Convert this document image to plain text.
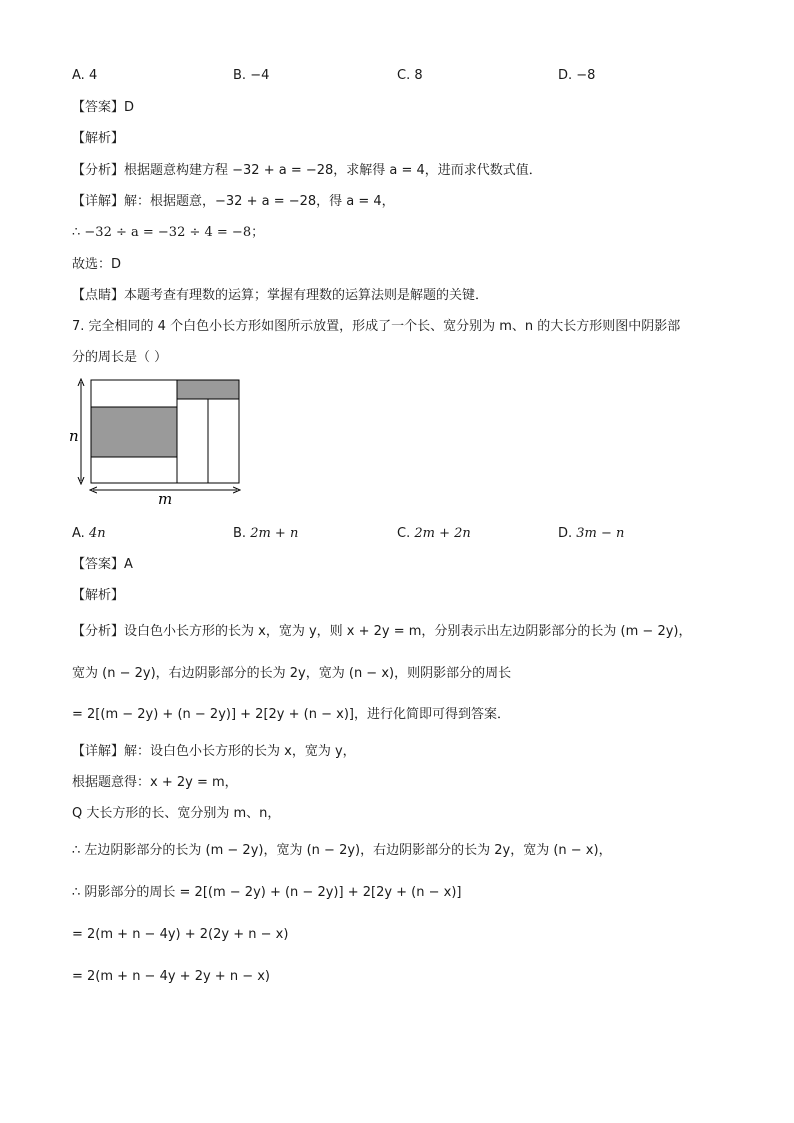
A. 4	B. −4	C. 8	D. −8
【答案】D
【解析】
【分析】根据题意构建方程 −32 + a = −28，求解得 a = 4，进而求代数式值．
【详解】解：根据题意，−32 + a = −28，得 a = 4，
∴ −32 ÷ a = −32 ÷ 4 = −8；
故选：D
【点睛】本题考查有理数的运算；掌握有理数的运算法则是解题的关键．
7. 完全相同的 4 个白色小长方形如图所示放置，形成了一个长、宽分别为 m、n 的大长方形则图中阴影部
分的周长是（ ）
n
m
A. 4n	B. 2m + n	C. 2m + 2n	D. 3m − n
【答案】A
【解析】
【分析】设白色小长方形的长为 x，宽为 y，则 x + 2y = m，分别表示出左边阴影部分的长为 (m − 2y)，
宽为 (n − 2y)，右边阴影部分的长为 2y，宽为 (n − x)，则阴影部分的周长
= 2[(m − 2y) + (n − 2y)] + 2[2y + (n − x)]，进行化简即可得到答案．
【详解】解：设白色小长方形的长为 x，宽为 y，
根据题意得：x + 2y = m，
Q 大长方形的长、宽分别为 m、n，
∴ 左边阴影部分的长为 (m − 2y)，宽为 (n − 2y)，右边阴影部分的长为 2y，宽为 (n − x)，
∴ 阴影部分的周长 = 2[(m − 2y) + (n − 2y)] + 2[2y + (n − x)]
= 2(m + n − 4y) + 2(2y + n − x)
= 2(m + n − 4y + 2y + n − x)
